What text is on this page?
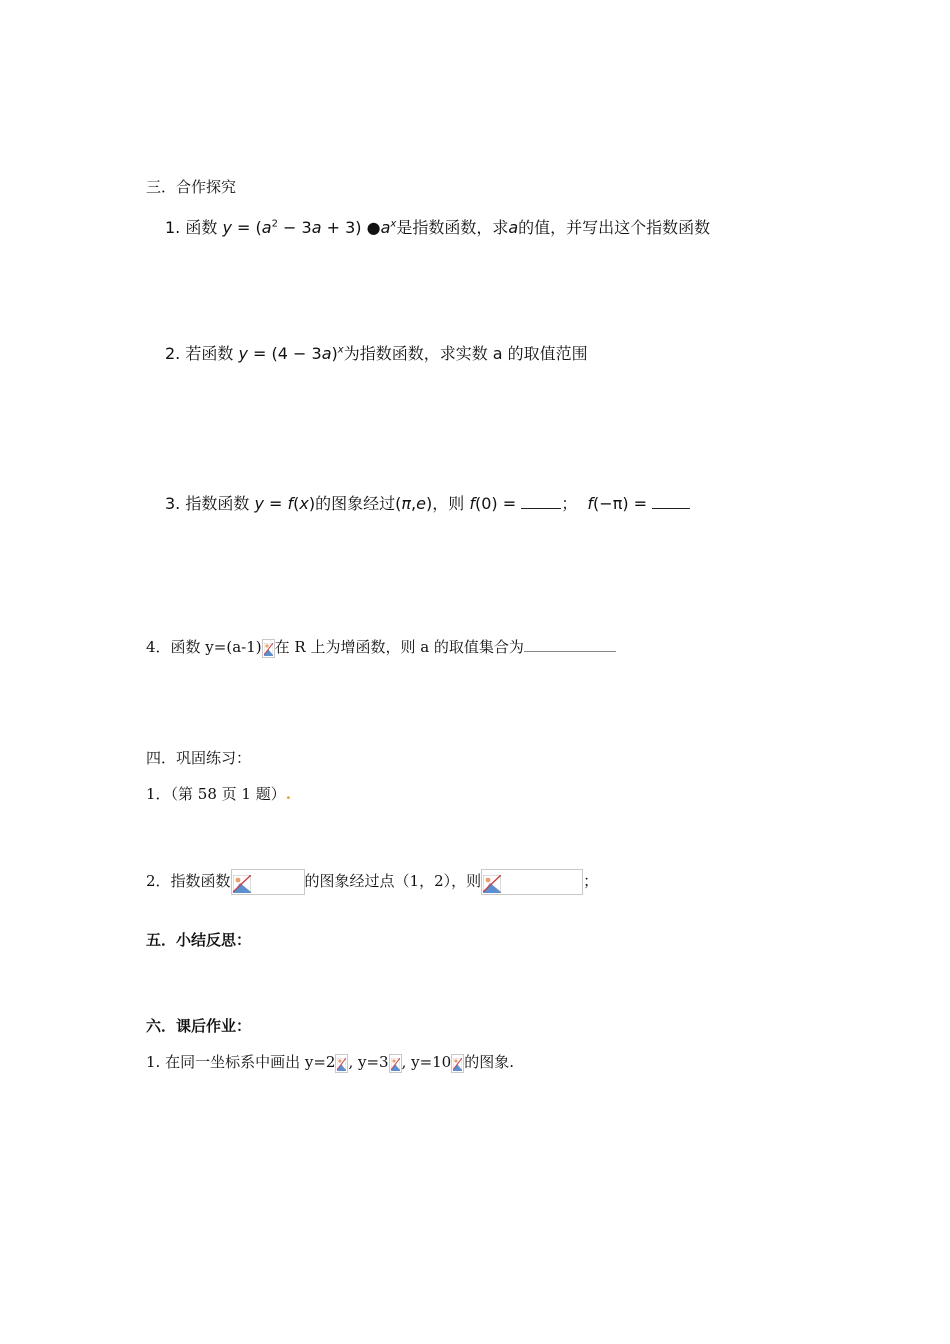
三．合作探究
1. 函数 $y = (a^2 - 3a + 3)$ $●a^x$是指数函数，求a的值，并写出这个指数函数
2. 若函数 $y = (4 - 3a)^x$为指数函数，求实数 a 的取值范围
3. 指数函数 y = f(x)的图象经过(π,e)，则 f(0) =	； f(−π) =
4．函数 y=(a-1) 在 R 上为增函数，则 a 的取值集合为
四．巩固练习：
1．（第 58 页 1 题）.
2．指数函数	的图象经过点（1，2），则	；
五．小结反思：
六．课后作业：
1. 在同一坐标系中画出 y=2 , y=3 , y=10 的图象.
